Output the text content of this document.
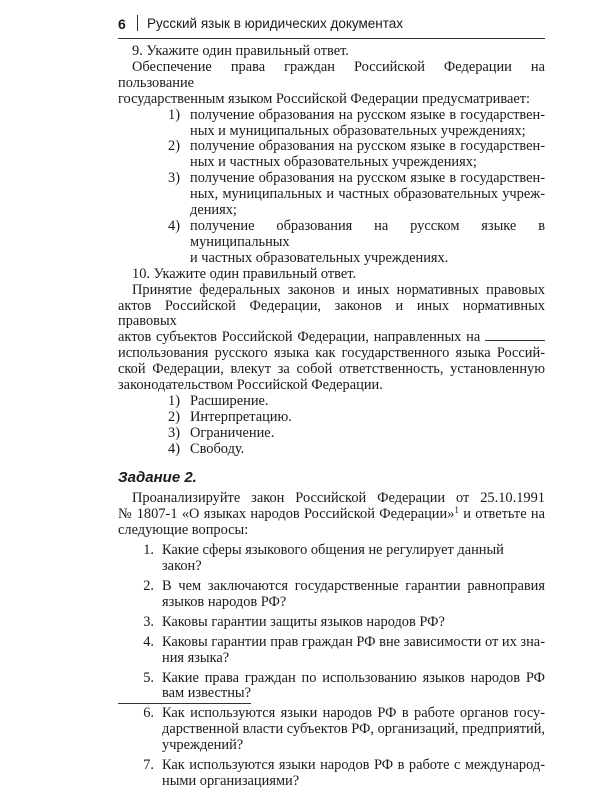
6 Русский язык в юридических документах

9. Укажите один правильный ответ.

Обеспечение права граждан Российской Федерации на пользование

государственным языком Российской Федерации предусматривает:

1) получение образования на русском языке в государствен-

ных и муниципальных образовательных учреждениях;

2) получение образования на русском языке в государствен-

ных и частных образовательных учреждениях;

3) получение образования на русском языке в государствен-

ных, муниципальных и частных образовательных учреж-

дениях;

4) получение образования на русском языке в муниципальных

и частных образовательных учреждениях.

10. Укажите один правильный ответ.

Принятие федеральных законов и иных нормативных правовых

актов Российской Федерации, законов и иных нормативных правовых

актов субъектов Российской Федерации, направленных на

использования русского языка как государственного языка Россий-

ской Федерации, влекут за собой ответственность, установленную

законодательством Российской Федерации.

1) Расширение.
2) Интерпретацию.
3) Ограничение.
4) Свободу.
Задание 2.

Проанализируйте закон Российской Федерации от 25.10.1991

№ 1807-1 «О языках народов Российской Федерации»$^1$ и ответьте на

следующие вопросы:

1. Какие сферы языкового общения не регулирует данный закон?

2. В чем заключаются государственные гарантии равноправия

языков народов РФ?

3. Каковы гарантии защиты языков народов РФ?

4. Каковы гарантии прав граждан РФ вне зависимости от их зна-

ния языка?

5. Какие права граждан по использованию языков народов РФ

вам известны?

6. Как используются языки народов РФ в работе органов госу-

дарственной власти субъектов РФ, организаций, предприятий,

учреждений?

7. Как используются языки народов РФ в работе с международ-

ными организациями?
